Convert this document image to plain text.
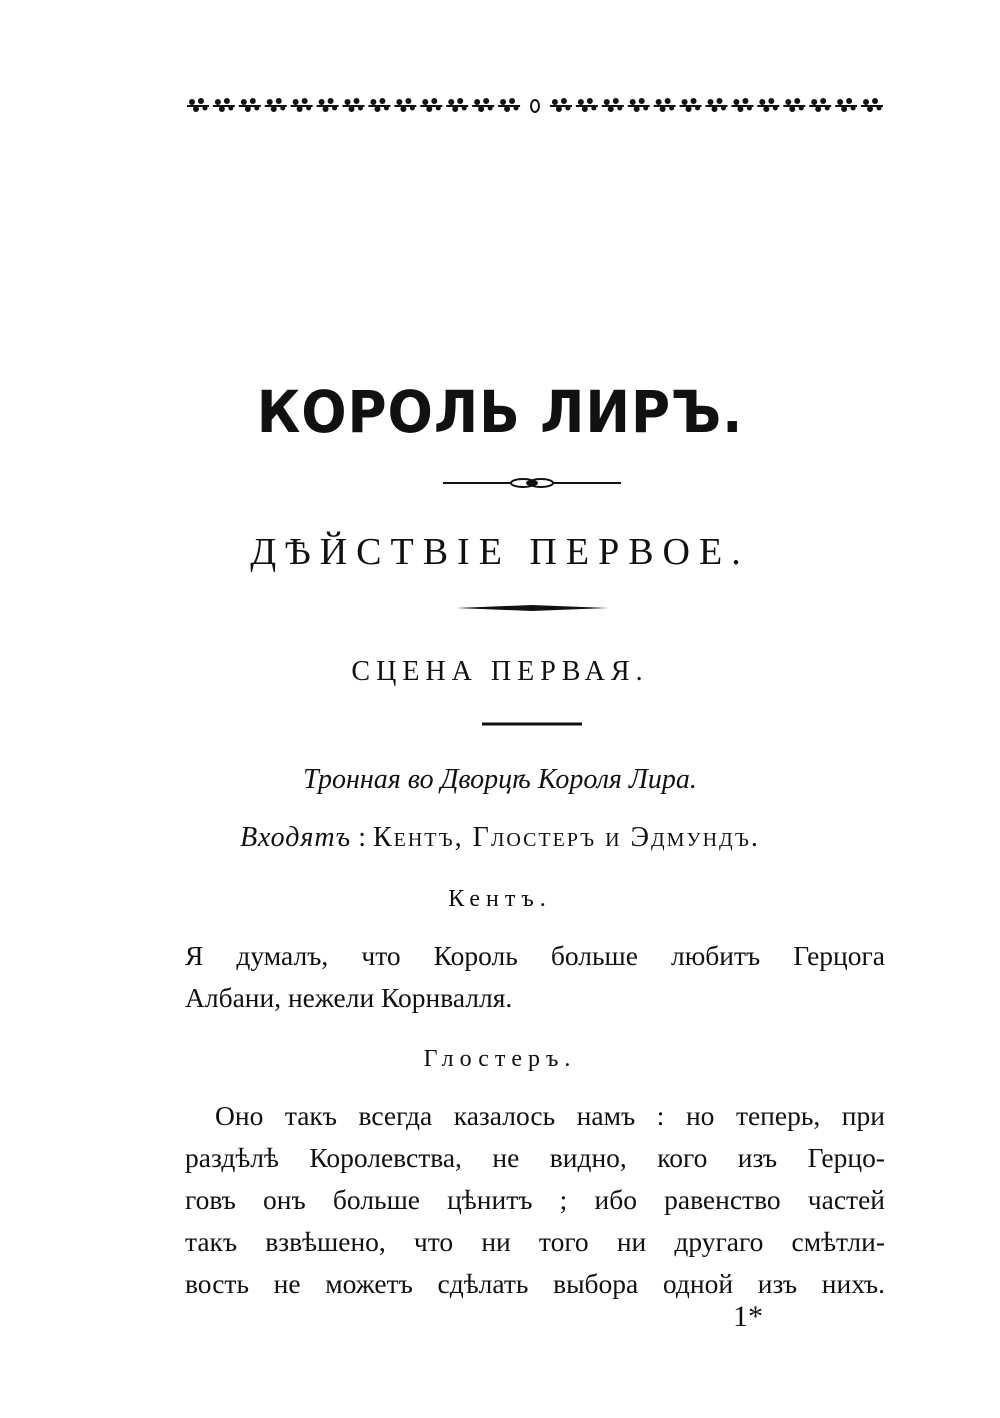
КОРОЛЬ ЛИРЪ.
ДѢЙСТВІЕ ПЕРВОЕ.
СЦЕНА ПЕРВАЯ.
Тронная во Дворцѣ Короля Лира.
Входятъ : Кентъ, Глостеръ и Эдмундъ.
Кентъ.
Я думалъ, что Король больше любитъ Герцога
Албани, нежели Корнвалля.
Глостеръ.
Оно такъ всегда казалось намъ : но теперь, при
раздѣлѣ Королевства, не видно, кого изъ Герцо-
говъ онъ больше цѣнитъ ; ибо равенство частей
такъ взвѣшено, что ни того ни другаго смѣтли-
вость не можетъ сдѣлать выбора одной изъ нихъ.
1*
